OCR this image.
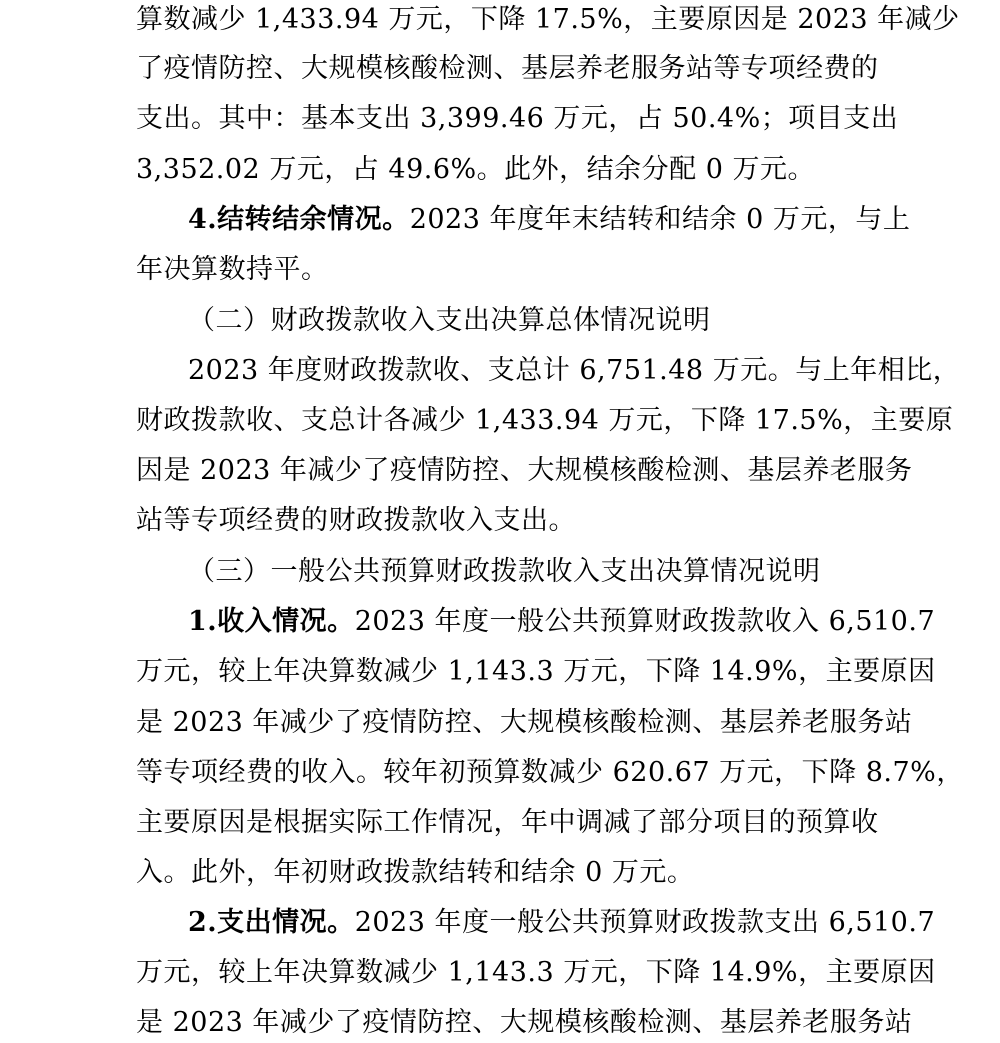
算数减少 1,433.94 万元，下降 17.5%，主要原因是 2023 年减少
了疫情防控、大规模核酸检测、基层养老服务站等专项经费的
支出。其中：基本支出 3,399.46 万元，占 50.4%；项目支出
3,352.02 万元，占 49.6%。此外，结余分配 0 万元。
4.结转结余情况。2023 年度年末结转和结余 0 万元，与上
年决算数持平。
（二）财政拨款收入支出决算总体情况说明
2023 年度财政拨款收、支总计 6,751.48 万元。与上年相比，
财政拨款收、支总计各减少 1,433.94 万元，下降 17.5%，主要原
因是 2023 年减少了疫情防控、大规模核酸检测、基层养老服务
站等专项经费的财政拨款收入支出。
（三）一般公共预算财政拨款收入支出决算情况说明
1.收入情况。2023 年度一般公共预算财政拨款收入 6,510.7
万元，较上年决算数减少 1,143.3 万元，下降 14.9%，主要原因
是 2023 年减少了疫情防控、大规模核酸检测、基层养老服务站
等专项经费的收入。较年初预算数减少 620.67 万元，下降 8.7%，
主要原因是根据实际工作情况，年中调减了部分项目的预算收
入。此外，年初财政拨款结转和结余 0 万元。
2.支出情况。2023 年度一般公共预算财政拨款支出 6,510.7
万元，较上年决算数减少 1,143.3 万元，下降 14.9%，主要原因
是 2023 年减少了疫情防控、大规模核酸检测、基层养老服务站
